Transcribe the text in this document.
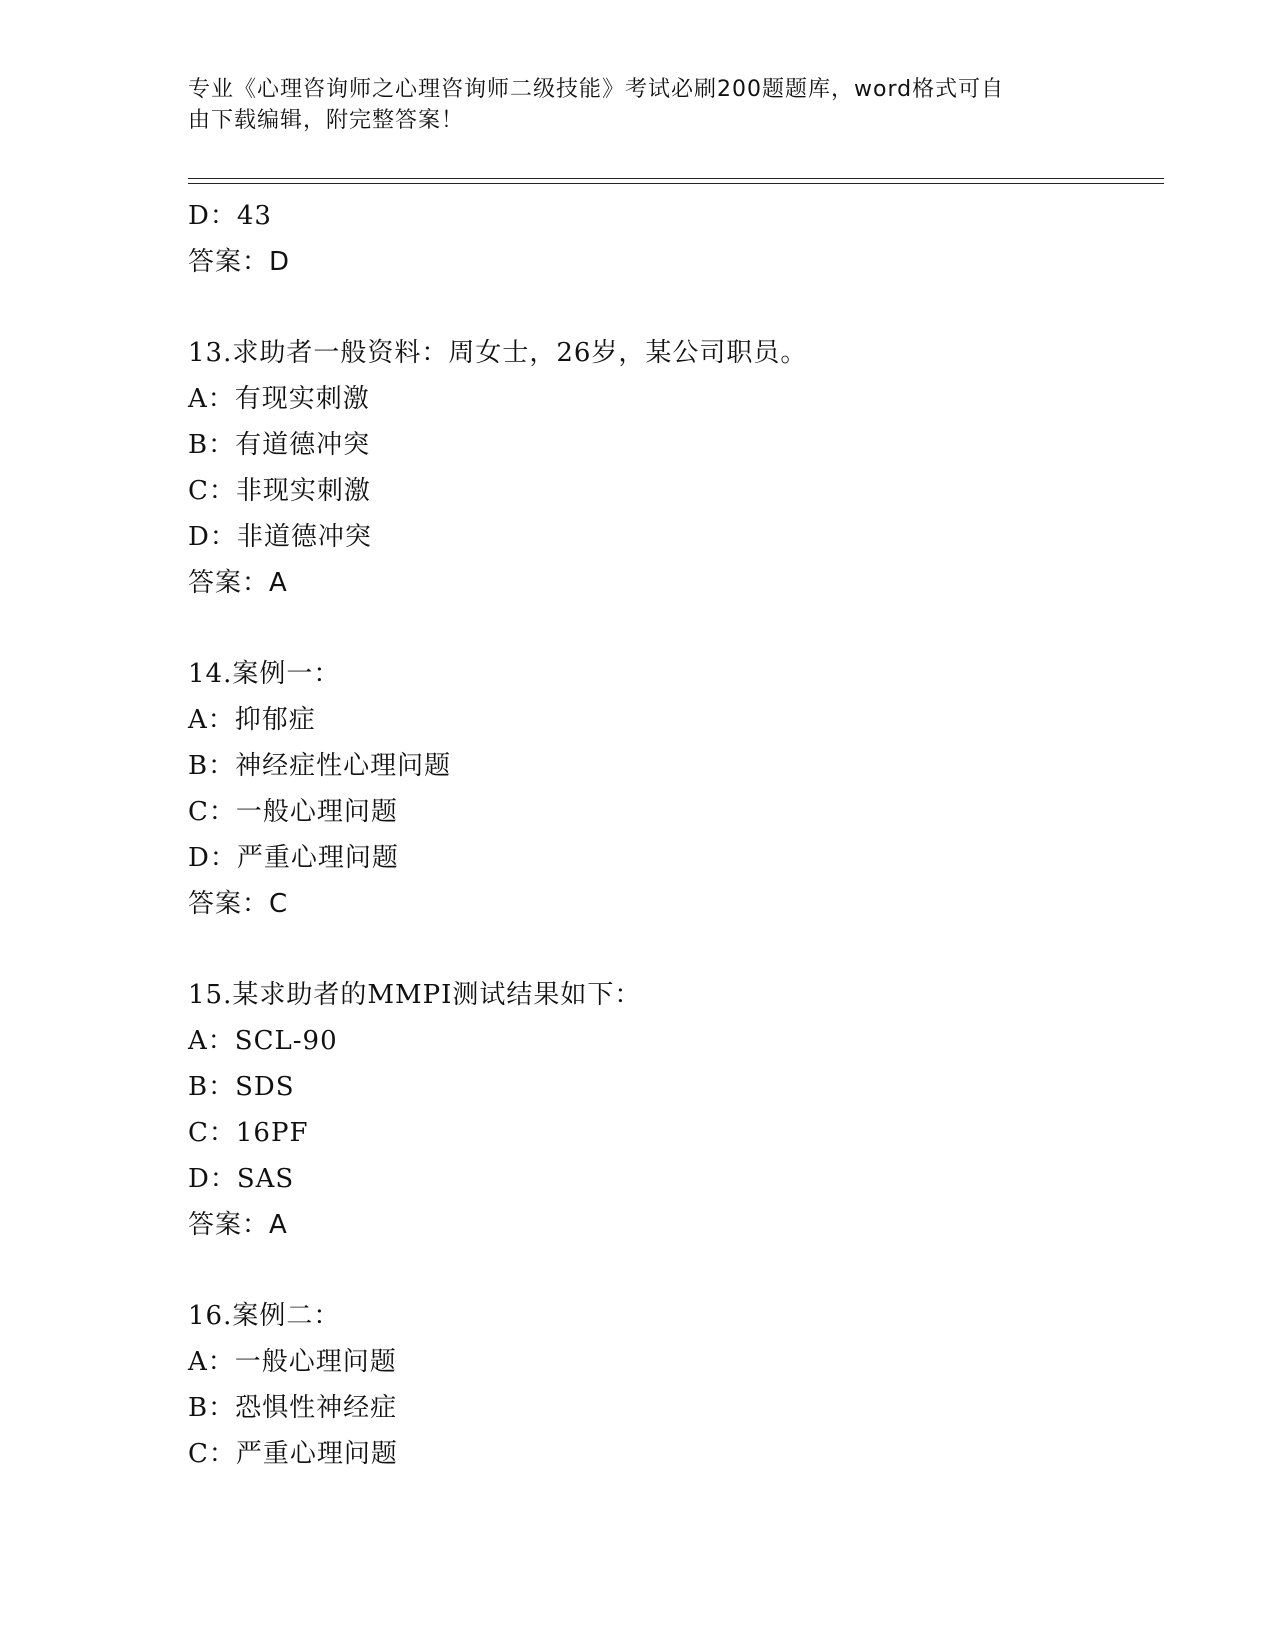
专业《心理咨询师之心理咨询师二级技能》考试必刷200题题库，word格式可自
由下载编辑，附完整答案！
D：43
答案：D
13.求助者一般资料：周女士，26岁，某公司职员。
A：有现实刺激
B：有道德冲突
C：非现实刺激
D：非道德冲突
答案：A
14.案例一：
A：抑郁症
B：神经症性心理问题
C：一般心理问题
D：严重心理问题
答案：C
15.某求助者的MMPI测试结果如下：
A：SCL-90
B：SDS
C：16PF
D：SAS
答案：A
16.案例二：
A：一般心理问题
B：恐惧性神经症
C：严重心理问题
